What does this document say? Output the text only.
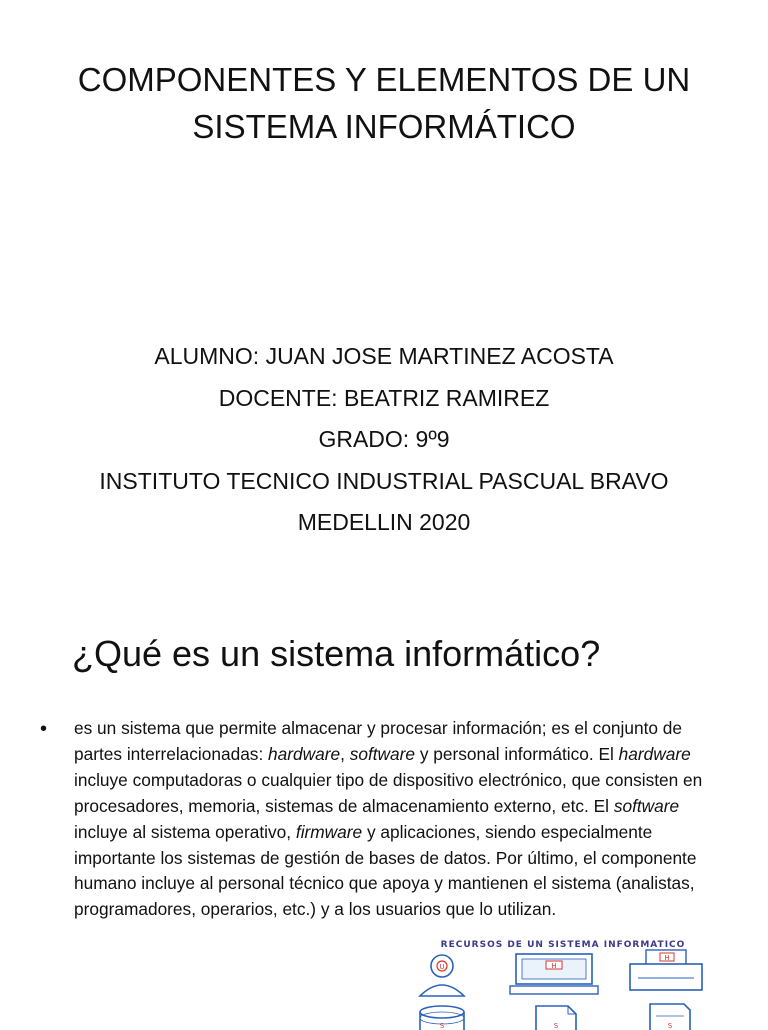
COMPONENTES Y ELEMENTOS DE UN
SISTEMA INFORMÁTICO
ALUMNO: JUAN JOSE MARTINEZ ACOSTA
DOCENTE: BEATRIZ RAMIREZ
GRADO: 9º9
INSTITUTO TECNICO INDUSTRIAL PASCUAL BRAVO
MEDELLIN 2020
¿Qué es un sistema informático?
• es un sistema que permite almacenar y procesar información; es el conjunto de partes interrelacionadas: hardware, software y personal informático. El hardware incluye computadoras o cualquier tipo de dispositivo electrónico, que consisten en procesadores, memoria, sistemas de almacenamiento externo, etc. El software incluye al sistema operativo, firmware y aplicaciones, siendo especialmente importante los sistemas de gestión de bases de datos. Por último, el componente humano incluye al personal técnico que apoya y mantienen el sistema (analistas, programadores, operarios, etc.) y a los usuarios que lo utilizan.
RECURSOS DE UN SISTEMA INFORMÁTICO
U	H
H
S	S	S
